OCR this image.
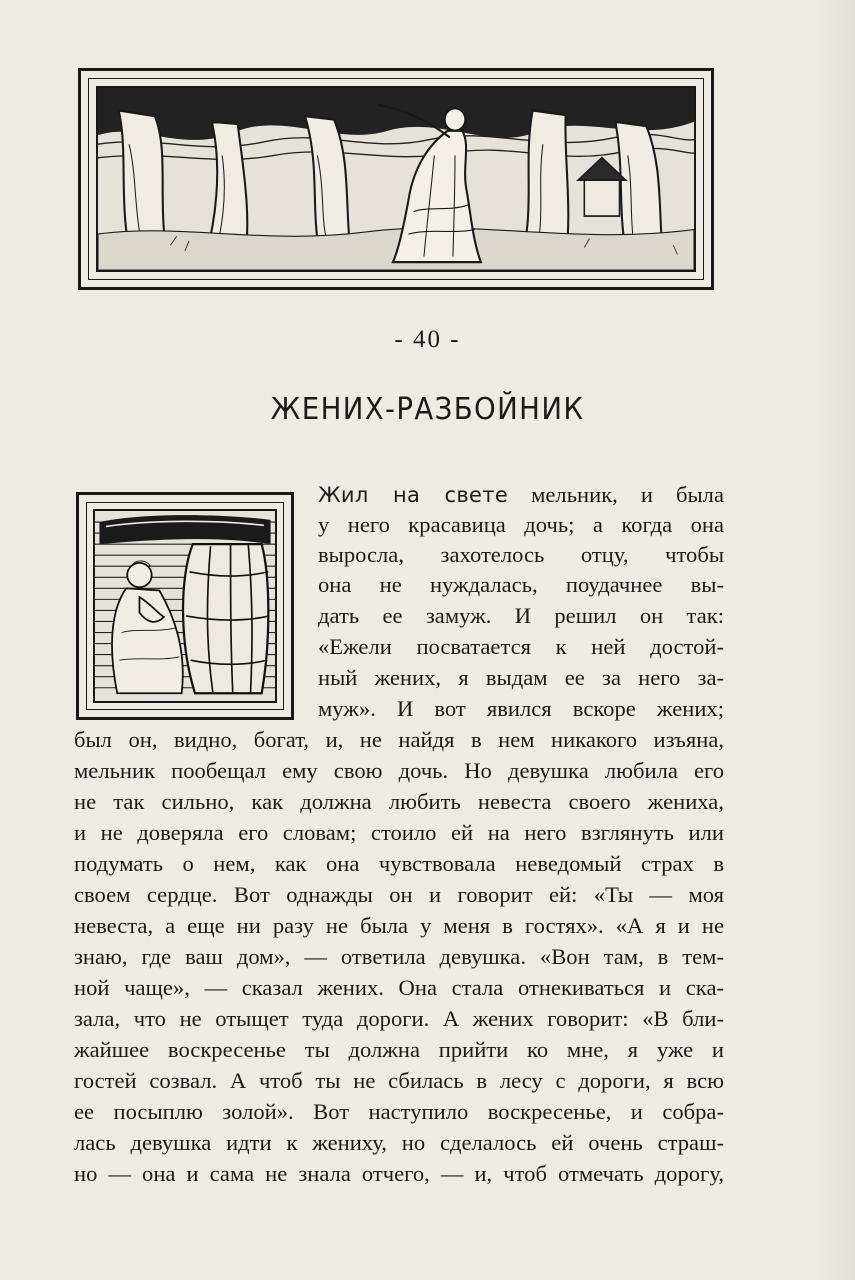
- 40 -
ЖЕНИХ-РАЗБОЙНИК
Жил на свете мельник, и была
у него красавица дочь; а когда она
выросла, захотелось отцу, чтобы
она не нуждалась, поудачнее вы-
дать ее замуж. И решил он так:
«Ежели посватается к ней достой-
ный жених, я выдам ее за него за-
муж». И вот явился вскоре жених;
был он, видно, богат, и, не найдя в нем никакого изъяна,
мельник пообещал ему свою дочь. Но девушка любила его
не так сильно, как должна любить невеста своего жениха,
и не доверяла его словам; стоило ей на него взглянуть или
подумать о нем, как она чувствовала неведомый страх в
своем сердце. Вот однажды он и говорит ей: «Ты — моя
невеста, а еще ни разу не была у меня в гостях». «А я и не
знаю, где ваш дом», — ответила девушка. «Вон там, в тем-
ной чаще», — сказал жених. Она стала отнекиваться и ска-
зала, что не отыщет туда дороги. А жених говорит: «В бли-
жайшее воскресенье ты должна прийти ко мне, я уже и
гостей созвал. А чтоб ты не сбилась в лесу с дороги, я всю
ее посыплю золой». Вот наступило воскресенье, и собра-
лась девушка идти к жениху, но сделалось ей очень страш-
но — она и сама не знала отчего, — и, чтоб отмечать дорогу,
